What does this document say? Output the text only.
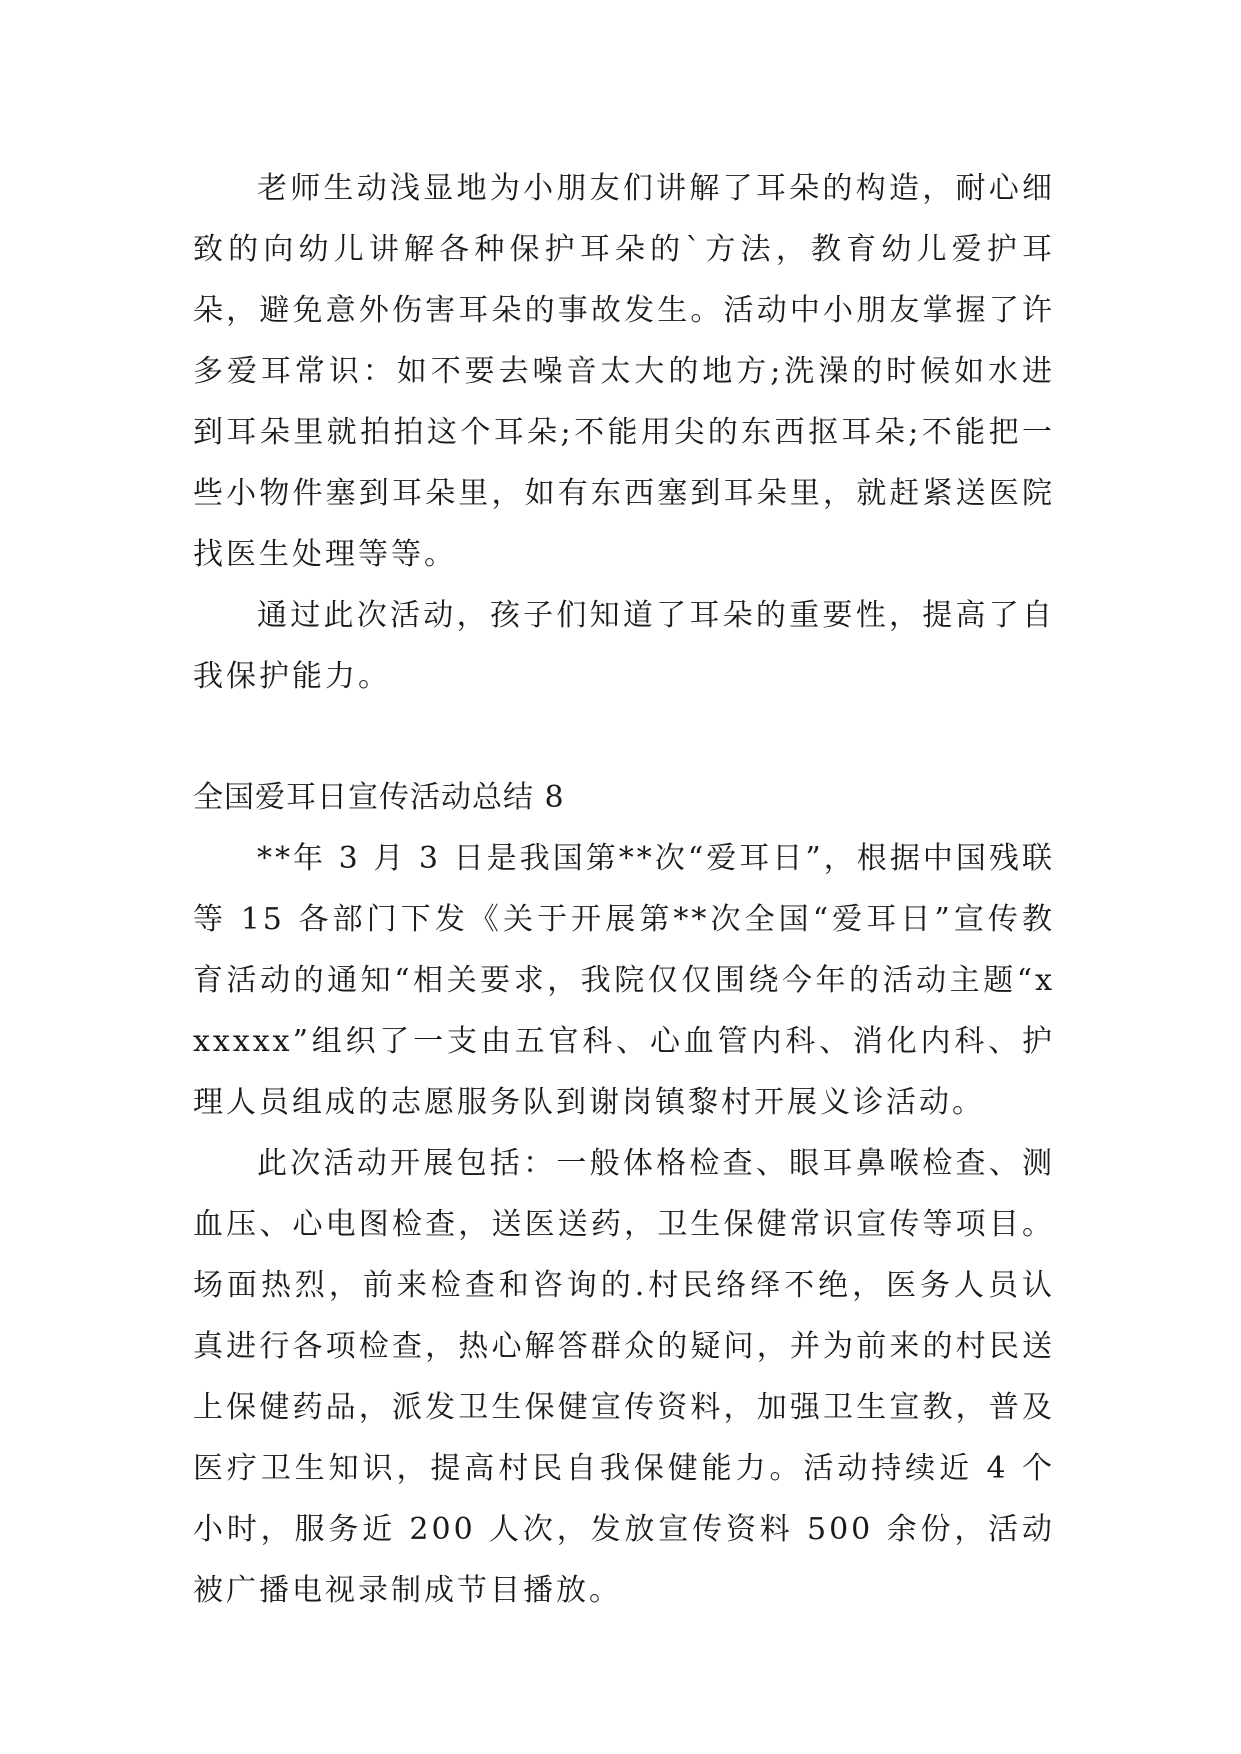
老师生动浅显地为小朋友们讲解了耳朵的构造，耐心细致的向幼儿讲解各种保护耳朵的`方法，教育幼儿爱护耳朵，避免意外伤害耳朵的事故发生。活动中小朋友掌握了许多爱耳常识：如不要去噪音太大的地方;洗澡的时候如水进到耳朵里就拍拍这个耳朵;不能用尖的东西抠耳朵;不能把一些小物件塞到耳朵里，如有东西塞到耳朵里，就赶紧送医院找医生处理等等。

通过此次活动，孩子们知道了耳朵的重要性，提高了自我保护能力。

全国爱耳日宣传活动总结 8

**年 3 月 3 日是我国第**次“爱耳日”，根据中国残联等 15 各部门下发《关于开展第**次全国“爱耳日”宣传教育活动的通知“相关要求，我院仅仅围绕今年的活动主题“xxxxxx”组织了一支由五官科、心血管内科、消化内科、护理人员组成的志愿服务队到谢岗镇黎村开展义诊活动。

此次活动开展包括：一般体格检查、眼耳鼻喉检查、测血压、心电图检查，送医送药，卫生保健常识宣传等项目。场面热烈，前来检查和咨询的.村民络绎不绝，医务人员认真进行各项检查，热心解答群众的疑问，并为前来的村民送上保健药品，派发卫生保健宣传资料，加强卫生宣教，普及医疗卫生知识，提高村民自我保健能力。活动持续近 4 个小时，服务近 200 人次，发放宣传资料 500 余份，活动被广播电视录制成节目播放。
